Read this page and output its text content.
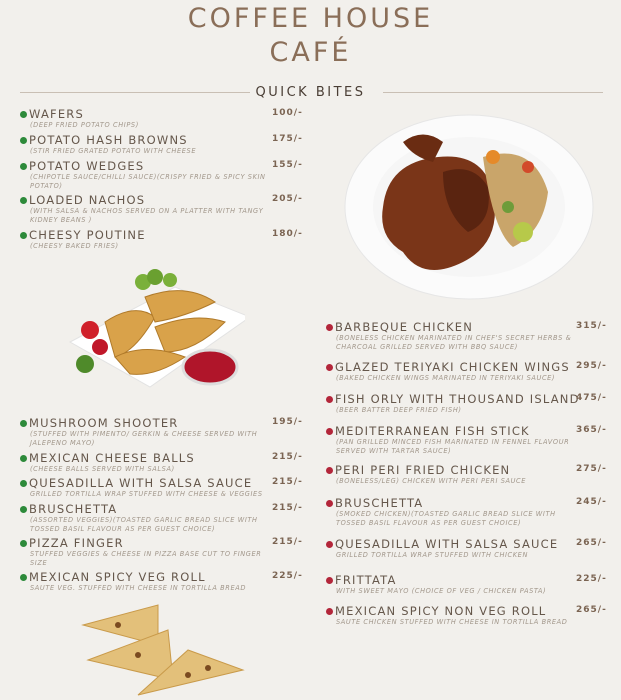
COFFEE HOUSE
CAFÉ
QUICK BITES
WAFERS
(DEEP FRIED POTATO CHIPS)
100/-
POTATO HASH BROWNS
(STIR FRIED GRATED POTATO WITH CHEESE
175/-
POTATO WEDGES
(CHIPOTLE SAUCE/CHILLI SAUCE)(CRISPY FRIED & SPICY SKIN POTATO)
155/-
LOADED NACHOS
(WITH SALSA & NACHOS SERVED ON A PLATTER WITH TANGY KIDNEY BEANS )
205/-
CHEESY POUTINE
(CHEESY BAKED FRIES)
180/-
MUSHROOM SHOOTER
(STUFFED WITH PIMENTO/ GERKIN & CHEESE SERVED WITH JALEPENO MAYO)
195/-
MEXICAN CHEESE BALLS
(CHEESE BALLS SERVED WITH SALSA)
215/-
QUESADILLA WITH SALSA SAUCE
GRILLED TORTILLA WRAP STUFFED WITH CHEESE & VEGGIES
215/-
BRUSCHETTA
(ASSORTED VEGGIES)(TOASTED GARLIC BREAD SLICE WITH TOSSED BASIL FLAVOUR AS PER GUEST CHOICE)
215/-
PIZZA FINGER
STUFFED VEGGIES & CHEESE IN PIZZA BASE CUT TO FINGER SIZE
215/-
MEXICAN SPICY VEG ROLL
SAUTE VEG. STUFFED WITH CHEESE IN TORTILLA BREAD
225/-
BARBEQUE CHICKEN
(BONELESS CHICKEN MARINATED IN CHEF'S SECRET HERBS & CHARCOAL GRILLED SERVED WITH BBQ SAUCE)
315/-
GLAZED TERIYAKI CHICKEN WINGS
(BAKED CHICKEN WINGS MARINATED IN TERIYAKI SAUCE)
295/-
FISH ORLY WITH THOUSAND ISLAND
(BEER BATTER DEEP FRIED FISH)
475/-
MEDITERRANEAN FISH STICK
(PAN GRILLED MINCED FISH MARINATED IN FENNEL FLAVOUR SERVED WITH TARTAR SAUCE)
365/-
PERI PERI FRIED CHICKEN
(BONELESS/LEG) CHICKEN WITH PERI PERI SAUCE
275/-
BRUSCHETTA
(SMOKED CHICKEN)(TOASTED GARLIC BREAD SLICE WITH TOSSED BASIL FLAVOUR AS PER GUEST CHOICE)
245/-
QUESADILLA WITH SALSA SAUCE
GRILLED TORTILLA WRAP STUFFED WITH CHICKEN
265/-
FRITTATA
WITH SWEET MAYO (CHOICE OF VEG / CHICKEN PASTA)
225/-
MEXICAN SPICY NON VEG ROLL
SAUTE CHICKEN STUFFED WITH CHEESE IN TORTILLA BREAD
265/-
